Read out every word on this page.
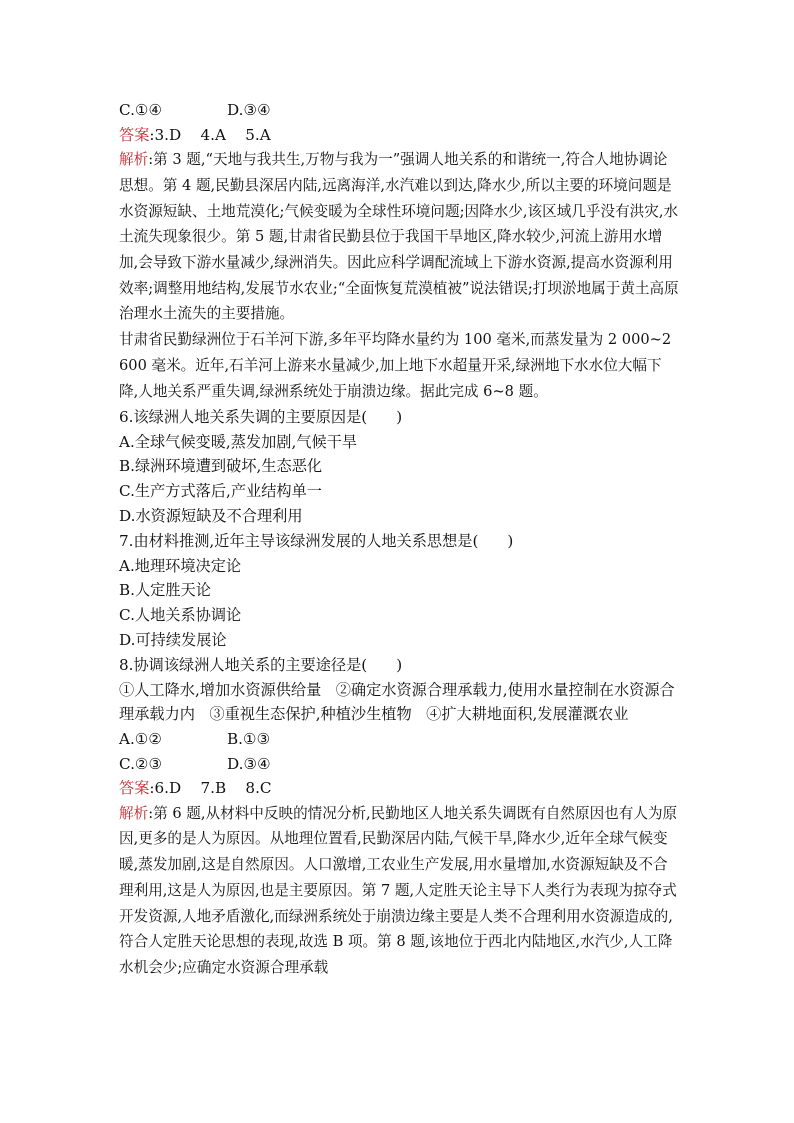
C.①④	D.③④
答案:3.D    4.A    5.A
解析:第 3 题,“天地与我共生,万物与我为一”强调人地关系的和谐统一,符合人地协调论思想。第 4 题,民勤县深居内陆,远离海洋,水汽难以到达,降水少,所以主要的环境问题是水资源短缺、土地荒漠化;气候变暖为全球性环境问题;因降水少,该区域几乎没有洪灾,水土流失现象很少。第 5 题,甘肃省民勤县位于我国干旱地区,降水较少,河流上游用水增加,会导致下游水量减少,绿洲消失。因此应科学调配流域上下游水资源,提高水资源利用效率;调整用地结构,发展节水农业;“全面恢复荒漠植被”说法错误;打坝淤地属于黄土高原治理水土流失的主要措施。
甘肃省民勤绿洲位于石羊河下游,多年平均降水量约为 100 毫米,而蒸发量为 2 000~2 600 毫米。近年,石羊河上游来水量减少,加上地下水超量开采,绿洲地下水水位大幅下降,人地关系严重失调,绿洲系统处于崩溃边缘。据此完成 6~8 题。
6.该绿洲人地关系失调的主要原因是(      )
A.全球气候变暖,蒸发加剧,气候干旱
B.绿洲环境遭到破坏,生态恶化
C.生产方式落后,产业结构单一
D.水资源短缺及不合理利用
7.由材料推测,近年主导该绿洲发展的人地关系思想是(      )
A.地理环境决定论
B.人定胜天论
C.人地关系协调论
D.可持续发展论
8.协调该绿洲人地关系的主要途径是(      )
①人工降水,增加水资源供给量   ②确定水资源合理承载力,使用水量控制在水资源合理承载力内   ③重视生态保护,种植沙生植物   ④扩大耕地面积,发展灌溉农业
A.①②	B.①③
C.②③	D.③④
答案:6.D    7.B    8.C
解析:第 6 题,从材料中反映的情况分析,民勤地区人地关系失调既有自然原因也有人为原因,更多的是人为原因。从地理位置看,民勤深居内陆,气候干旱,降水少,近年全球气候变暖,蒸发加剧,这是自然原因。人口激增,工农业生产发展,用水量增加,水资源短缺及不合理利用,这是人为原因,也是主要原因。第 7 题,人定胜天论主导下人类行为表现为掠夺式开发资源,人地矛盾激化,而绿洲系统处于崩溃边缘主要是人类不合理利用水资源造成的,符合人定胜天论思想的表现,故选 B 项。第 8 题,该地位于西北内陆地区,水汽少,人工降水机会少;应确定水资源合理承载
